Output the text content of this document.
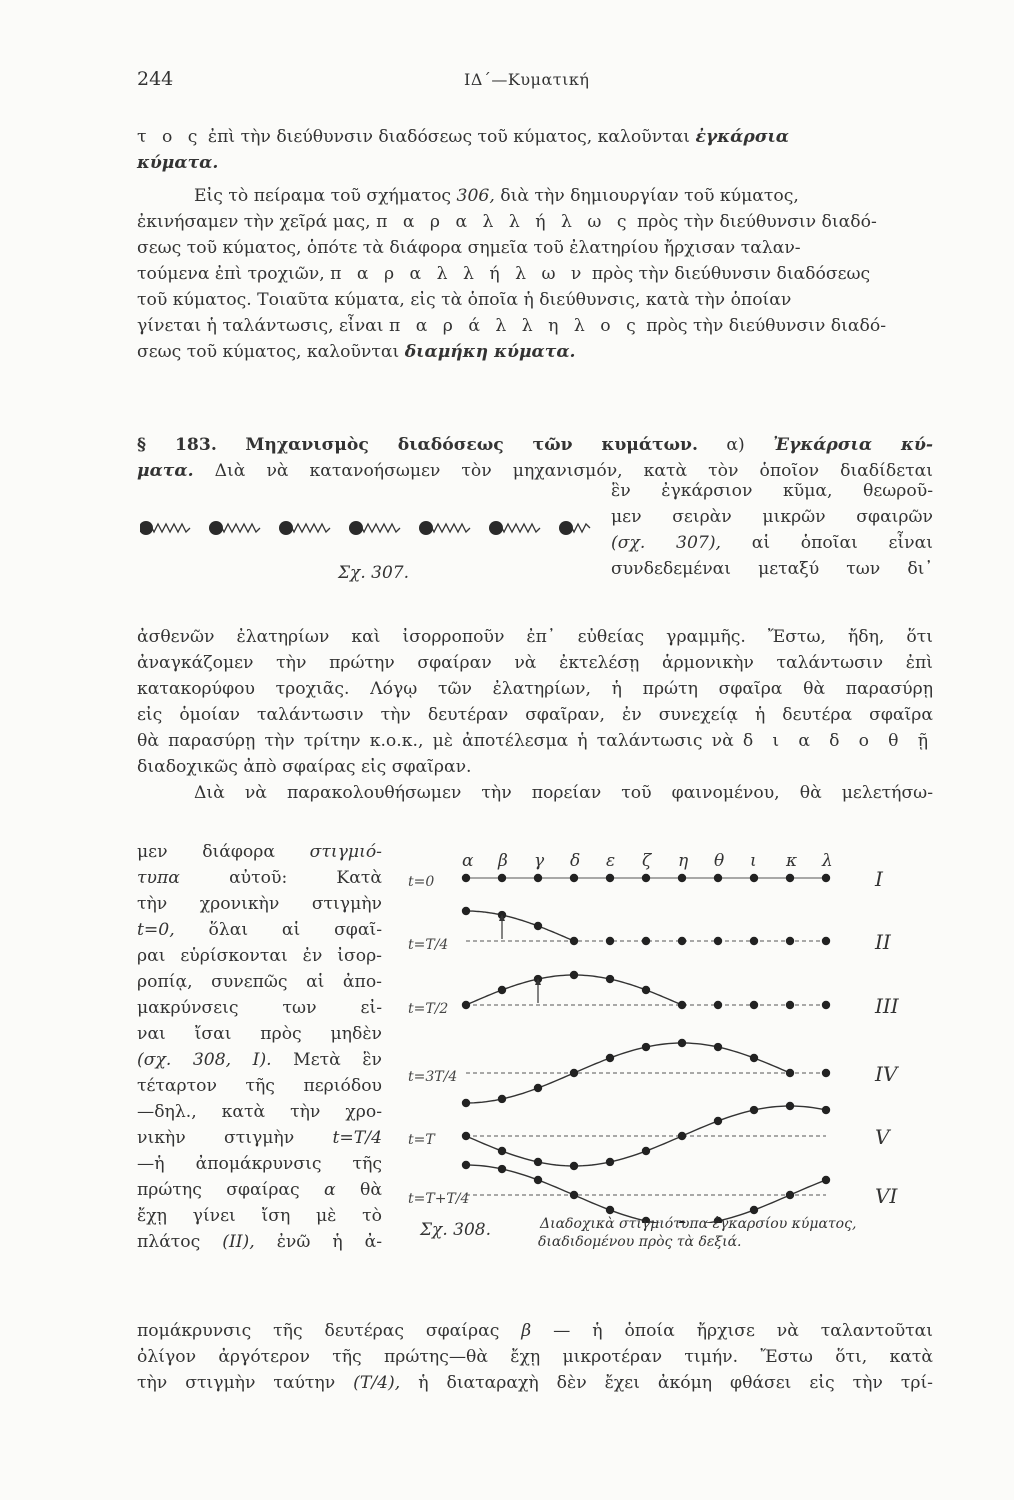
244	ΙΔ΄—Κυματική
τ ο ς ἐπὶ τὴν διεύθυνσιν διαδόσεως τοῦ κύματος, καλοῦνται ἐγκάρσια
κύματα.
Εἰς τὸ πείραμα τοῦ σχήματος 306, διὰ τὴν δημιουργίαν τοῦ κύματος,
ἐκινήσαμεν τὴν χεῖρά μας, π α ρ α λ λ ή λ ω ς πρὸς τὴν διεύθυνσιν διαδό-
σεως τοῦ κύματος, ὁπότε τὰ διάφορα σημεῖα τοῦ ἐλατηρίου ἤρχισαν ταλαν-
τούμενα ἐπὶ τροχιῶν, π α ρ α λ λ ή λ ω ν πρὸς τὴν διεύθυνσιν διαδόσεως
τοῦ κύματος. Τοιαῦτα κύματα, εἰς τὰ ὁποῖα ἡ διεύθυνσις, κατὰ τὴν ὁποίαν
γίνεται ἡ ταλάντωσις, εἶναι π α ρ ά λ λ η λ ο ς πρὸς τὴν διεύθυνσιν διαδό-
σεως τοῦ κύματος, καλοῦνται διαμήκη κύματα.
§ 183. Μηχανισμὸς διαδόσεως τῶν κυμάτων. α) Ἐγκάρσια κύ-
ματα. Διὰ νὰ κατανοήσωμεν τὸν μηχανισμόν, κατὰ τὸν ὁποῖον διαδίδεται
Σχ. 307.
ἓν ἐγκάρσιον κῦμα, θεωροῦ-
μεν σειρὰν μικρῶν σφαιρῶν
(σχ. 307), αἱ ὁποῖαι εἶναι
συνδεδεμέναι μεταξύ των δι᾽
ἀσθενῶν ἐλατηρίων καὶ ἰσορροποῦν ἐπ᾽ εὐθείας γραμμῆς. Ἔστω, ἤδη, ὅτι
ἀναγκάζομεν τὴν πρώτην σφαίραν νὰ ἐκτελέσῃ ἁρμονικὴν ταλάντωσιν ἐπὶ
κατακορύφου τροχιᾶς. Λόγῳ τῶν ἐλατηρίων, ἡ πρώτη σφαῖρα θὰ παρασύρῃ
εἰς ὁμοίαν ταλάντωσιν τὴν δευτέραν σφαῖραν, ἐν συνεχείᾳ ἡ δευτέρα σφαῖρα
θὰ παρασύρῃ τὴν τρίτην κ.ο.κ., μὲ ἀποτέλεσμα ἡ ταλάντωσις νὰ δ ι α δ ο θ ῇ
διαδοχικῶς ἀπὸ σφαίρας εἰς σφαῖραν.
Διὰ νὰ παρακολουθήσωμεν τὴν πορείαν τοῦ φαινομένου, θὰ μελετήσω-
μεν διάφορα στιγμιό-
τυπα	αὐτοῦ: Κατὰ
τὴν χρονικὴν στιγμὴν
t=0, ὅλαι αἱ σφαῖ-
ραι εὑρίσκονται ἐν ἰσορ-
ροπίᾳ, συνεπῶς αἱ ἀπο-
μακρύνσεις των εἰ-
ναι ἴσαι πρὸς μηδὲν
(σχ. 308, I). Μετὰ ἓν
τέταρτον τῆς περιόδου
—δηλ., κατὰ τὴν χρο-
νικὴν στιγμὴν t=T/4
—ἡ ἀπομάκρυνσις τῆς
πρώτης σφαίρας α θὰ
ἔχῃ γίνει ἴση μὲ τὸ
πλάτος (II), ἐνῶ ἡ ἀ-
α β γ δ ε ζ η θ ι κ λ
t=0	I
t=T/4	II
t=T/2	III
t=3T/4	IV
t=T	V
t=T+T/4	VI
Σχ. 308.	Διαδοχικὰ στιγμιότυπα ἐγκαρσίου κύματος,
διαδιδομένου πρὸς τὰ δεξιά.
πομάκρυνσις τῆς δευτέρας σφαίρας β — ἡ ὁποία ἤρχισε νὰ ταλαντοῦται
ὀλίγον ἀργότερον τῆς πρώτης—θὰ ἔχῃ μικροτέραν τιμήν. Ἔστω ὅτι, κατὰ
τὴν στιγμὴν ταύτην (T/4), ἡ διαταραχὴ δὲν ἔχει ἀκόμη φθάσει εἰς τὴν τρί-
